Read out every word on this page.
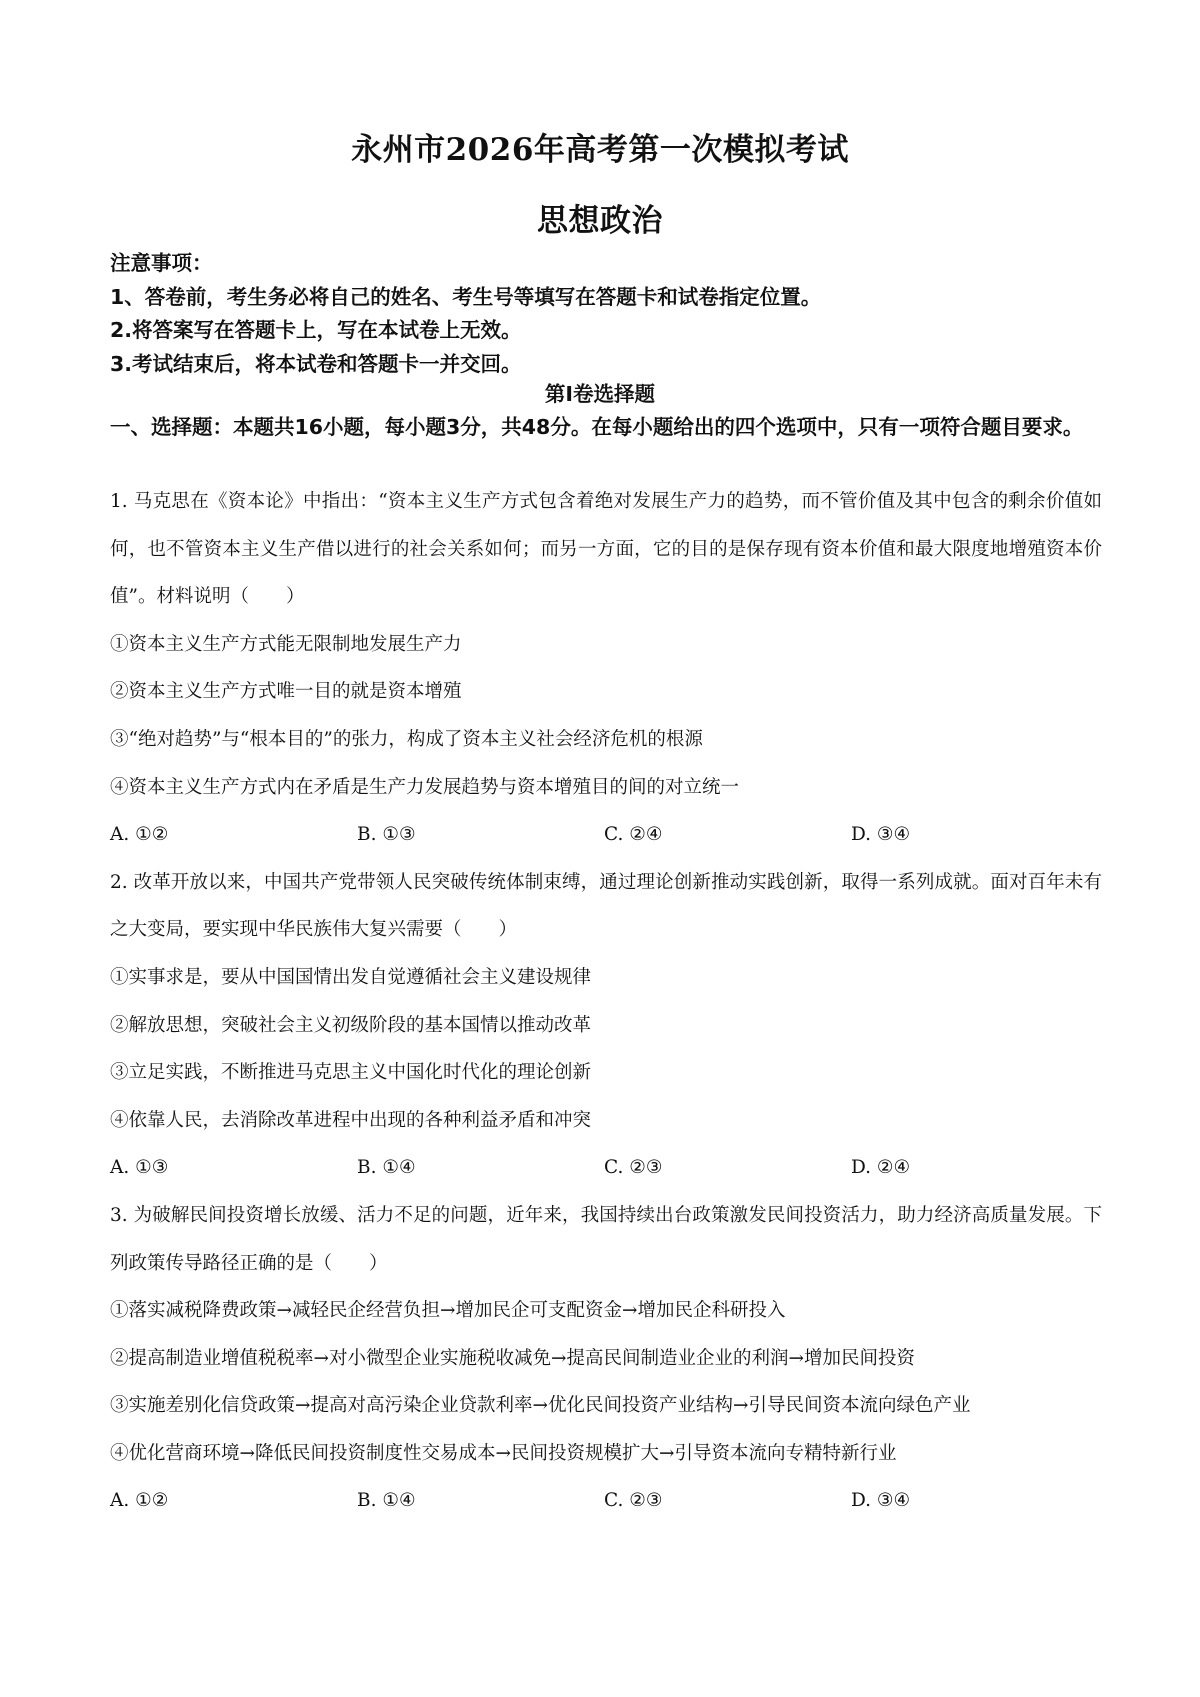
永州市2026年高考第一次模拟考试
思想政治
注意事项：
1、答卷前，考生务必将自己的姓名、考生号等填写在答题卡和试卷指定位置。
2.将答案写在答题卡上，写在本试卷上无效。
3.考试结束后，将本试卷和答题卡一并交回。
第Ⅰ卷选择题
一、选择题：本题共16小题，每小题3分，共48分。在每小题给出的四个选项中，只有一项符合题目要求。
1. 马克思在《资本论》中指出：“资本主义生产方式包含着绝对发展生产力的趋势，而不管价值及其中包含的剩余价值如何，也不管资本主义生产借以进行的社会关系如何；而另一方面，它的目的是保存现有资本价值和最大限度地增殖资本价值”。材料说明（　　）
①资本主义生产方式能无限制地发展生产力
②资本主义生产方式唯一目的就是资本增殖
③“绝对趋势”与“根本目的”的张力，构成了资本主义社会经济危机的根源
④资本主义生产方式内在矛盾是生产力发展趋势与资本增殖目的间的对立统一
A. ①②	B. ①③	C. ②④	D. ③④
2. 改革开放以来，中国共产党带领人民突破传统体制束缚，通过理论创新推动实践创新，取得一系列成就。面对百年未有之大变局，要实现中华民族伟大复兴需要（　　）
①实事求是，要从中国国情出发自觉遵循社会主义建设规律
②解放思想，突破社会主义初级阶段的基本国情以推动改革
③立足实践，不断推进马克思主义中国化时代化的理论创新
④依靠人民，去消除改革进程中出现的各种利益矛盾和冲突
A. ①③	B. ①④	C. ②③	D. ②④
3. 为破解民间投资增长放缓、活力不足的问题，近年来，我国持续出台政策激发民间投资活力，助力经济高质量发展。下列政策传导路径正确的是（　　）
①落实减税降费政策→减轻民企经营负担→增加民企可支配资金→增加民企科研投入
②提高制造业增值税税率→对小微型企业实施税收减免→提高民间制造业企业的利润→增加民间投资
③实施差别化信贷政策→提高对高污染企业贷款利率→优化民间投资产业结构→引导民间资本流向绿色产业
④优化营商环境→降低民间投资制度性交易成本→民间投资规模扩大→引导资本流向专精特新行业
A. ①②	B. ①④	C. ②③	D. ③④
